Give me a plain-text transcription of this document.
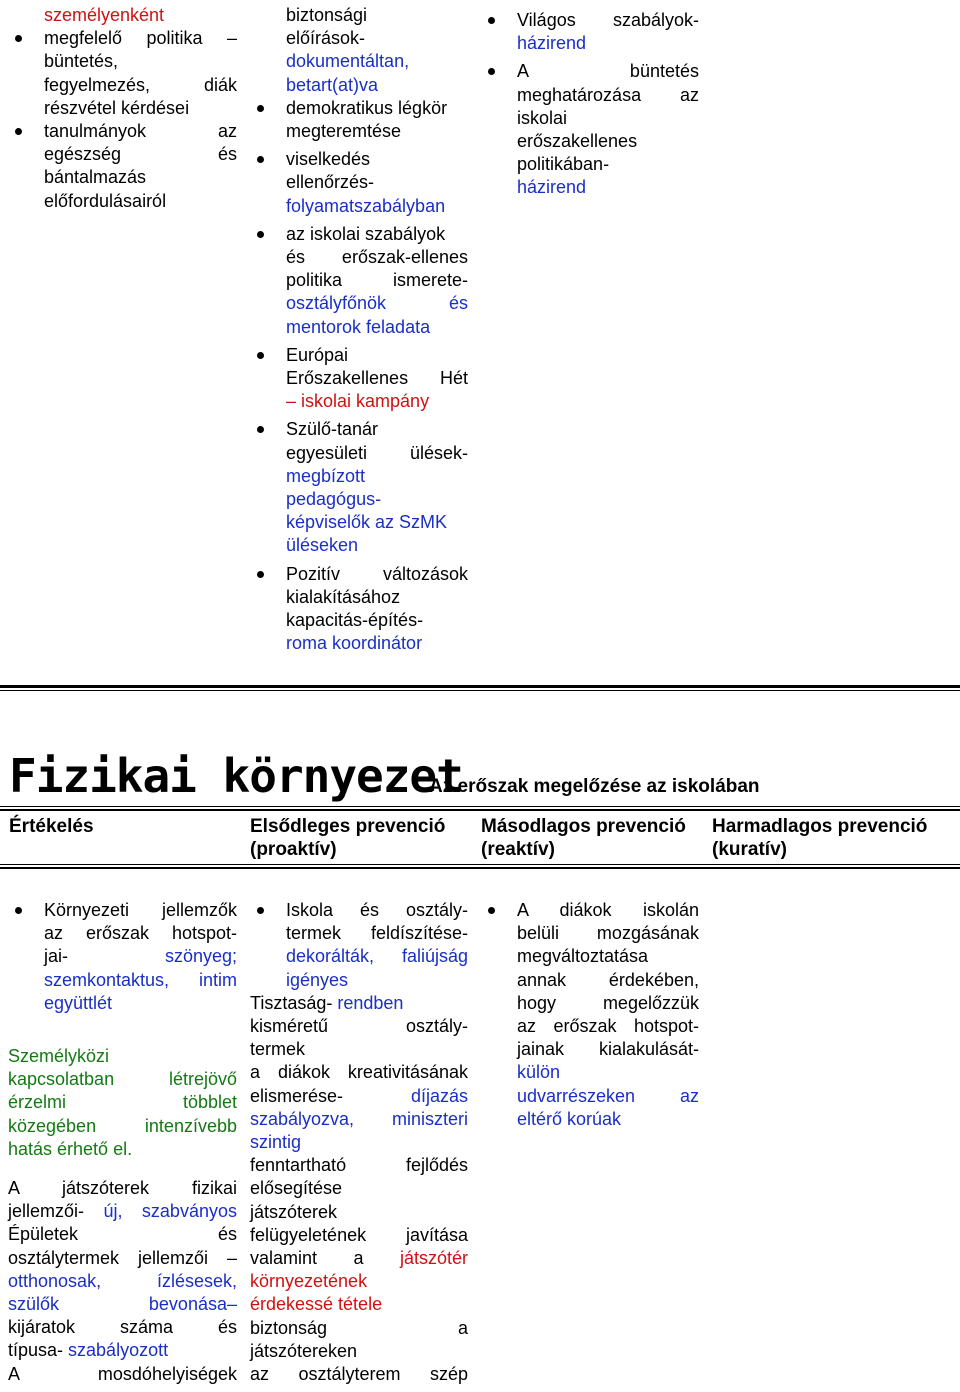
személyenként
megfelelő politika –
büntetés,
fegyelmezés, diák
részvétel kérdései
tanulmányok az
egészség és
bántalmazás
előfordulásairól
biztonsági
előírások-
dokumentáltan,
betart(at)va
demokratikus légkör
megteremtése
viselkedés
ellenőrzés-
folyamatszabályban
az iskolai szabályok
és erőszak-ellenes
politika ismerete-
osztályfőnök és
mentorok feladata
Európai
Erőszakellenes Hét
– iskolai kampány
Szülő-tanár
egyesületi ülések-
megbízott
pedagógus-
képviselők az SzMK
üléseken
Pozitív változások
kialakításához
kapacitás-építés-
roma koordinátor
Világos szabályok-
házirend
A büntetés
meghatározása az
iskolai
erőszakellenes
politikában-
házirend
Fizikai környezet
Az erőszak megelőzése az iskolában
Értékelés	Elsődleges prevenció
(proaktív)
Másodlagos prevenció
(reaktív)
Harmadlagos prevenció
(kuratív)
Környezeti jellemzők
az erőszak hotspot-
jai-	szönyeg;
szemkontaktus, intim
együttlét
Személyközi
kapcsolatban létrejövő
érzelmi többlet
közegében intenzívebb
hatás érhető el.
A játszóterek fizikai
jellemzői- új, szabványos
Épületek és
osztálytermek jellemzői –
otthonosak, ízlésesek,
szülők bevonása–
kijáratok száma és
típusa- szabályozott
A mosdóhelyiségek
Iskola és osztály-
termek feldíszítése-
dekorálták, faliújság
igényes
Tisztaság- rendben
kisméretű osztály-
termek
a diákok kreativitásának
elismerése- díjazás
szabályozva, miniszteri
szintig
fenntartható fejlődés
elősegítése
játszóterek
felügyeletének javítása
valamint a játszótér
környezetének
érdekessé tétele
biztonság a
játszótereken
az osztályterem szép
A diákok iskolán
belüli mozgásának
megváltoztatása
annak érdekében,
hogy megelőzzük
az erőszak hotspot-
jainak kialakulását-
külön
udvarrészeken az
eltérő korúak
